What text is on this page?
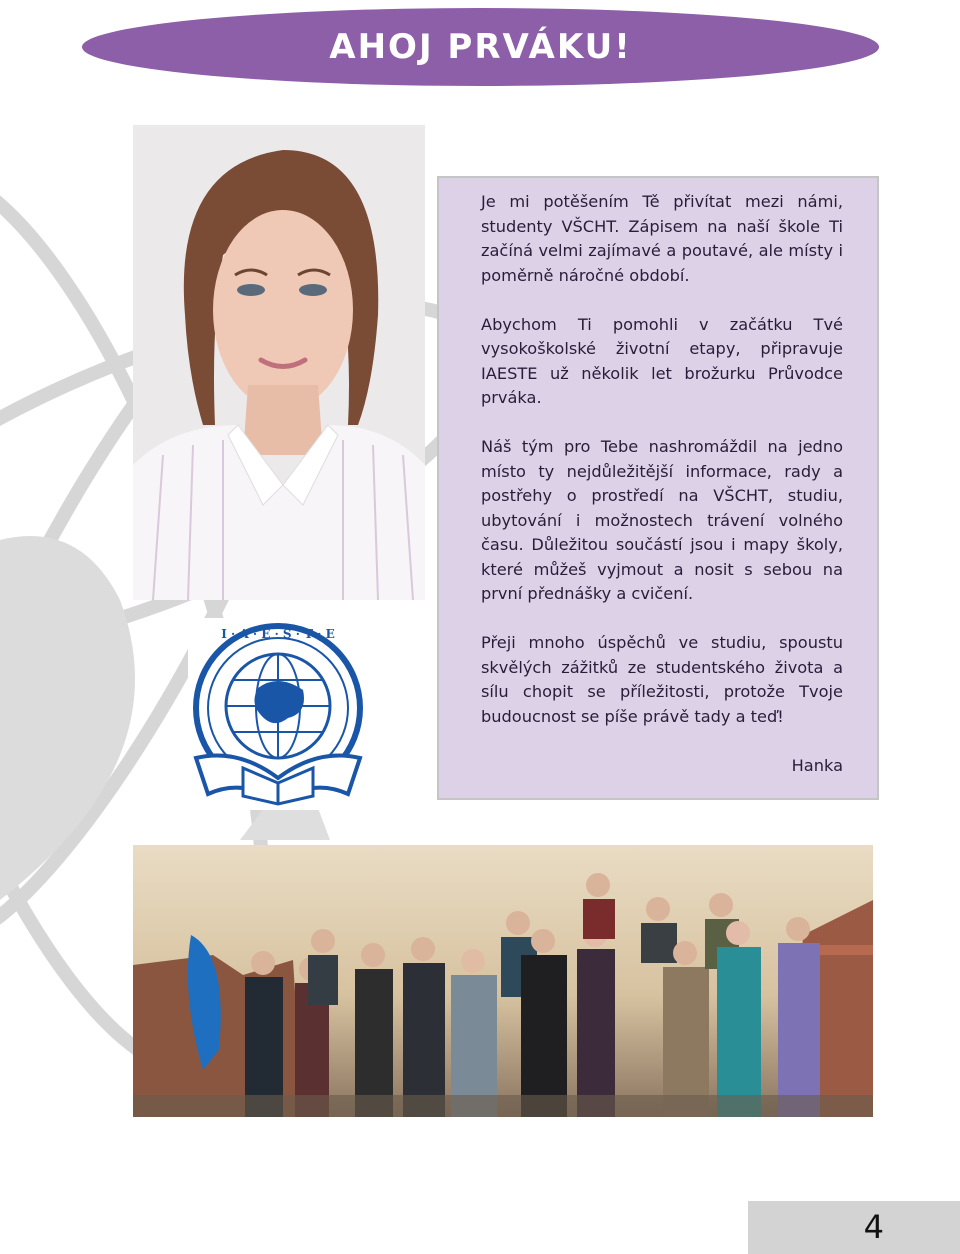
AHOJ PRVÁKU!
I · A · E · S · T · E

Je mi potěšením Tě přivítat mezi námi, studenty VŠCHT. Zápisem na naší škole Ti začíná velmi zajímavé a poutavé, ale místy i poměrně náročné období.

Abychom Ti pomohli v začátku Tvé vysokoškolské životní etapy, připravuje IAESTE už několik let brožurku Průvodce prváka.

Náš tým pro Tebe nashromáždil na jedno místo ty nejdůležitější informace, rady a postřehy o prostředí na VŠCHT, studiu, ubytování i možnostech trávení volného času. Důležitou součástí jsou i mapy školy, které můžeš vyjmout a nosit s sebou na první přednášky a cvičení.

Přeji mnoho úspěchů ve studiu, spoustu skvělých zážitků ze studentského života a sílu chopit se příležitosti, protože Tvoje budoucnost se píše právě tady a teď!

Hanka

4
